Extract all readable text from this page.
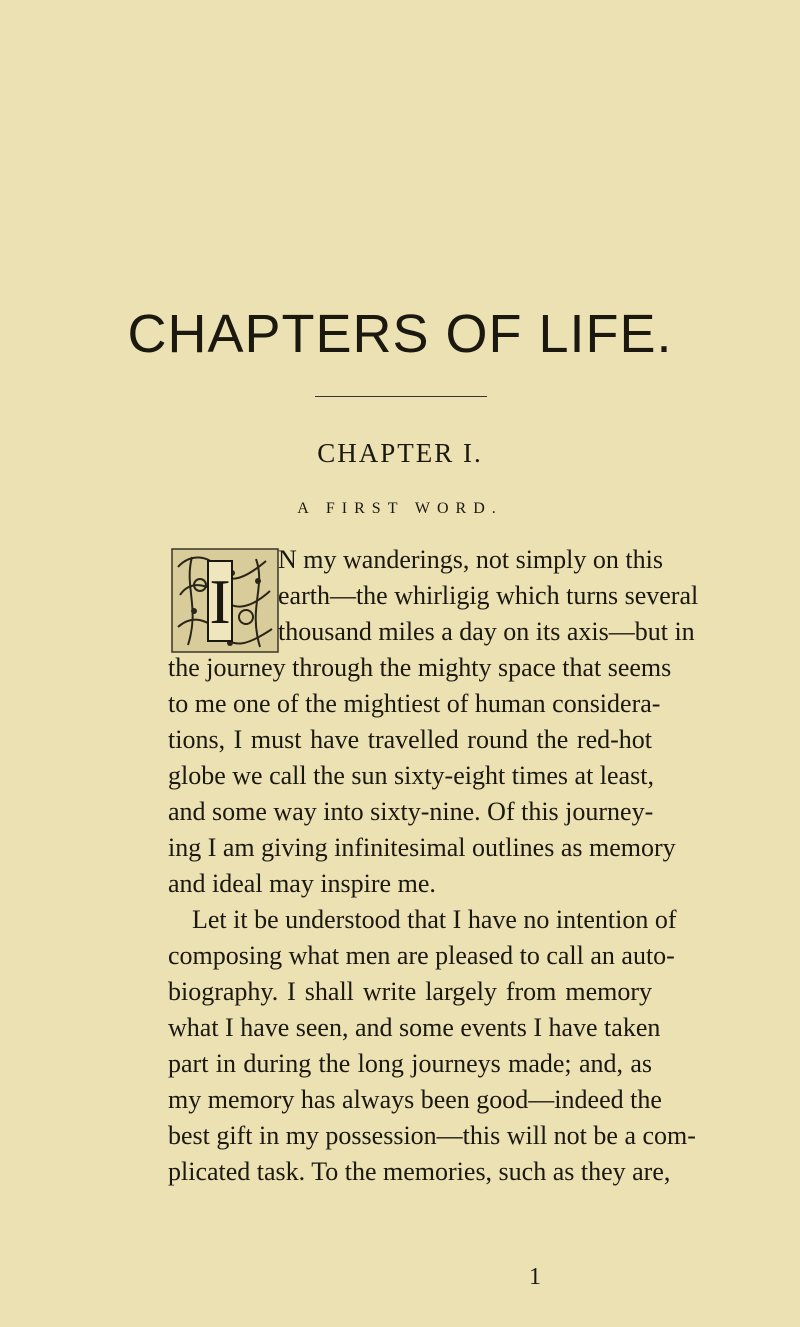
CHAPTERS OF LIFE.
CHAPTER I.
A FIRST WORD.
I
N my wanderings, not simply on this
earth—the whirligig which turns several
thousand miles a day on its axis—but in
the journey through the mighty space that seems
to me one of the mightiest of human considera-
tions, I must have travelled round the red-hot
globe we call the sun sixty-eight times at least,
and some way into sixty-nine. Of this journey-
ing I am giving infinitesimal outlines as memory
and ideal may inspire me.
Let it be understood that I have no intention of
composing what men are pleased to call an auto-
biography. I shall write largely from memory
what I have seen, and some events I have taken
part in during the long journeys made; and, as
my memory has always been good—indeed the
best gift in my possession—this will not be a com-
plicated task. To the memories, such as they are,
1
